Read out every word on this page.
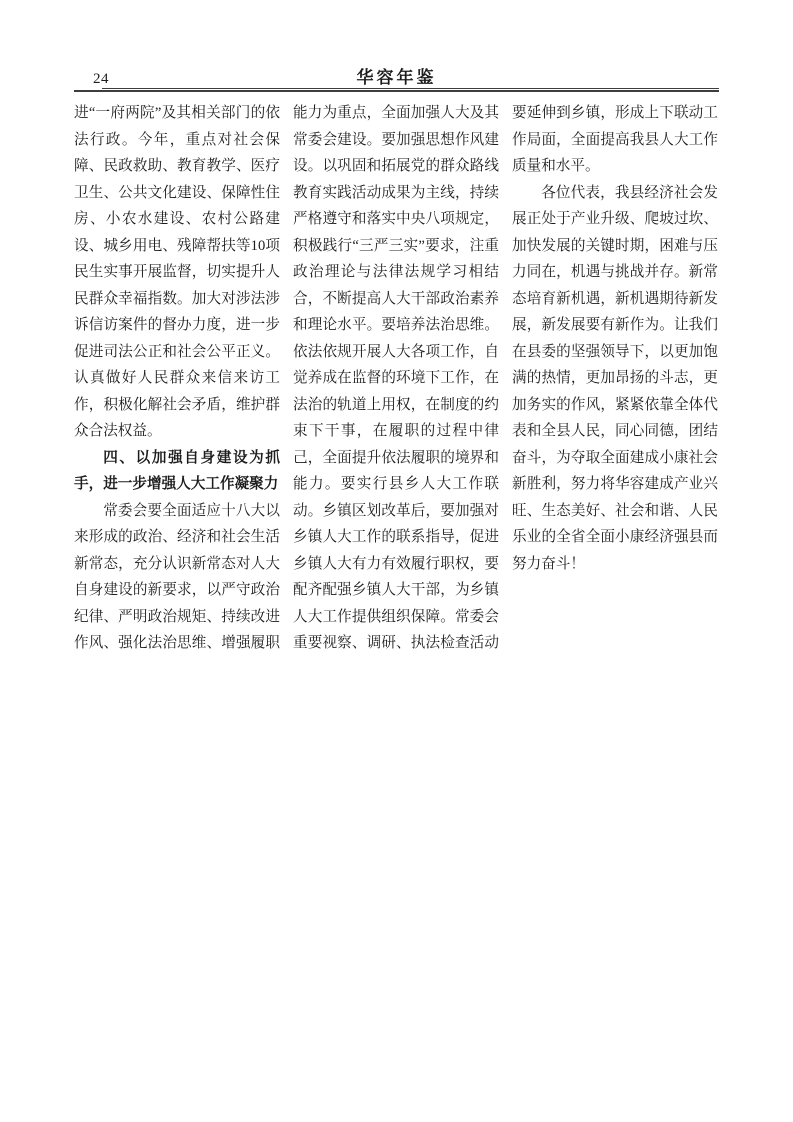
24	华容年鉴
进“一府两院”及其相关部门的依法行政。今年，重点对社会保障、民政救助、教育教学、医疗卫生、公共文化建设、保障性住房、小农水建设、农村公路建设、城乡用电、残障帮扶等10项民生实事开展监督，切实提升人民群众幸福指数。加大对涉法涉诉信访案件的督办力度，进一步促进司法公正和社会公平正义。认真做好人民群众来信来访工作，积极化解社会矛盾，维护群众合法权益。
四、以加强自身建设为抓手，进一步增强人大工作凝聚力
常委会要全面适应十八大以来形成的政治、经济和社会生活新常态，充分认识新常态对人大自身建设的新要求，以严守政治纪律、严明政治规矩、持续改进作风、强化法治思维、增强履职
能力为重点，全面加强人大及其常委会建设。要加强思想作风建设。以巩固和拓展党的群众路线教育实践活动成果为主线，持续严格遵守和落实中央八项规定，积极践行“三严三实”要求，注重政治理论与法律法规学习相结合，不断提高人大干部政治素养和理论水平。要培养法治思维。依法依规开展人大各项工作，自觉养成在监督的环境下工作，在法治的轨道上用权，在制度的约束下干事，在履职的过程中律己，全面提升依法履职的境界和能力。要实行县乡人大工作联动。乡镇区划改革后，要加强对乡镇人大工作的联系指导，促进乡镇人大有力有效履行职权，要配齐配强乡镇人大干部，为乡镇人大工作提供组织保障。常委会重要视察、调研、执法检查活动
要延伸到乡镇，形成上下联动工作局面，全面提高我县人大工作质量和水平。
各位代表，我县经济社会发展正处于产业升级、爬坡过坎、加快发展的关键时期，困难与压力同在，机遇与挑战并存。新常态培育新机遇，新机遇期待新发展，新发展要有新作为。让我们在县委的坚强领导下，以更加饱满的热情，更加昂扬的斗志，更加务实的作风，紧紧依靠全体代表和全县人民，同心同德，团结奋斗，为夺取全面建成小康社会新胜利，努力将华容建成产业兴旺、生态美好、社会和谐、人民乐业的全省全面小康经济强县而努力奋斗！
